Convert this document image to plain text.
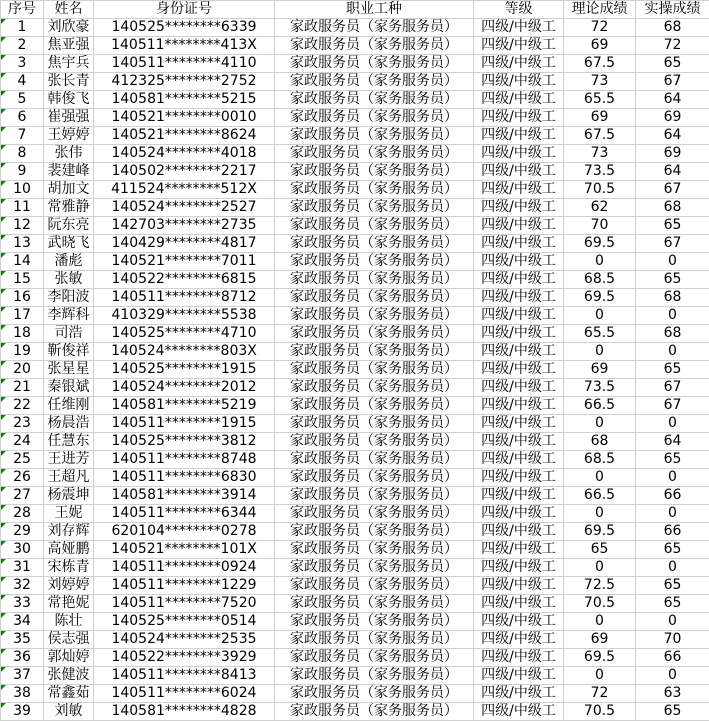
序号	姓名	身份证号	职业工种	等级	理论成绩	实操成绩

1	刘欣豪	140525********6339	家政服务员（家务服务员）	四级/中级工	72	68

2	焦亚强	140511********413X	家政服务员（家务服务员）	四级/中级工	69	72

3	焦宇兵	140511********4110	家政服务员（家务服务员）	四级/中级工	67.5	65

4	张长青	412325********2752	家政服务员（家务服务员）	四级/中级工	73	67

5	韩俊飞	140581********5215	家政服务员（家务服务员）	四级/中级工	65.5	64

6	崔强强	140521********0010	家政服务员（家务服务员）	四级/中级工	69	69

7	王婷婷	140521********8624	家政服务员（家务服务员）	四级/中级工	67.5	64

8	张伟	140524********4018	家政服务员（家务服务员）	四级/中级工	73	69

9	裴建峰	140502********2217	家政服务员（家务服务员）	四级/中级工	73.5	64

10	胡加文	411524********512X	家政服务员（家务服务员）	四级/中级工	70.5	67

11	常雅静	140524********2527	家政服务员（家务服务员）	四级/中级工	62	68

12	阮东亮	142703********2735	家政服务员（家务服务员）	四级/中级工	70	65

13	武晓飞	140429********4817	家政服务员（家务服务员）	四级/中级工	69.5	67

14	潘彪	140521********7011	家政服务员（家务服务员）	四级/中级工	0	0

15	张敏	140522********6815	家政服务员（家务服务员）	四级/中级工	68.5	65

16	李阳波	140511********8712	家政服务员（家务服务员）	四级/中级工	69.5	68

17	李辉科	410329********5538	家政服务员（家务服务员）	四级/中级工	0	0

18	司浩	140525********4710	家政服务员（家务服务员）	四级/中级工	65.5	68

19	靳俊祥	140524********803X	家政服务员（家务服务员）	四级/中级工	0	0

20	张星星	140525********1915	家政服务员（家务服务员）	四级/中级工	69	65

21	秦银斌	140524********2012	家政服务员（家务服务员）	四级/中级工	73.5	67

22	任维刚	140581********5219	家政服务员（家务服务员）	四级/中级工	66.5	67

23	杨晨浩	140511********1915	家政服务员（家务服务员）	四级/中级工	0	0

24	任慧东	140525********3812	家政服务员（家务服务员）	四级/中级工	68	64

25	王进芳	140511********8748	家政服务员（家务服务员）	四级/中级工	68.5	65

26	王超凡	140511********6830	家政服务员（家务服务员）	四级/中级工	0	0

27	杨震坤	140581********3914	家政服务员（家务服务员）	四级/中级工	66.5	66

28	王妮	140511********6344	家政服务员（家务服务员）	四级/中级工	0	0

29	刘存辉	620104********0278	家政服务员（家务服务员）	四级/中级工	69.5	66

30	高娅鹏	140521********101X	家政服务员（家务服务员）	四级/中级工	65	65

31	宋栋青	140511********0924	家政服务员（家务服务员）	四级/中级工	0	0

32	刘婷婷	140511********1229	家政服务员（家务服务员）	四级/中级工	72.5	65

33	常艳妮	140511********7520	家政服务员（家务服务员）	四级/中级工	70.5	65

34	陈壮	140525********0514	家政服务员（家务服务员）	四级/中级工	0	0

35	侯志强	140524********2535	家政服务员（家务服务员）	四级/中级工	69	70

36	郭灿婷	140522********3929	家政服务员（家务服务员）	四级/中级工	69.5	66

37	张健波	140511********8413	家政服务员（家务服务员）	四级/中级工	0	0

38	常鑫茹	140511********6024	家政服务员（家务服务员）	四级/中级工	72	63

39	刘敏	140581********4828	家政服务员（家务服务员）	四级/中级工	70.5	65
